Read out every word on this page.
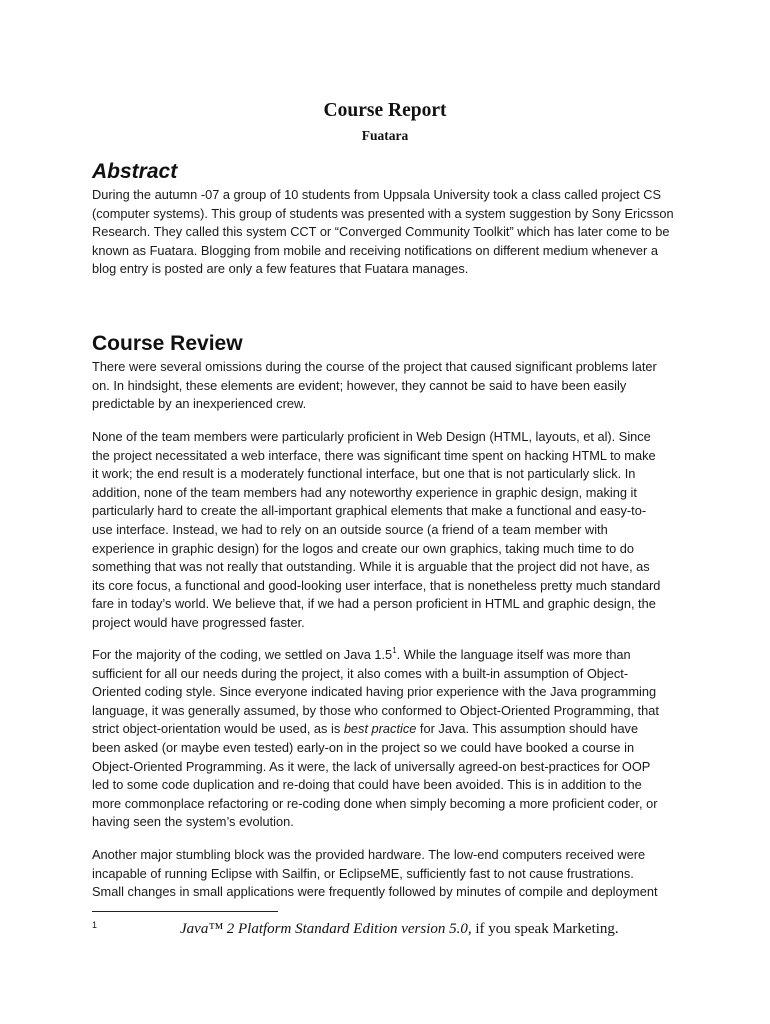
Course Report
Fuatara
Abstract

During the autumn -07 a group of 10 students from Uppsala University took a class called project CS
(computer systems). This group of students was presented with a system suggestion by Sony Ericsson
Research. They called this system CCT or “Converged Community Toolkit” which has later come to be
known as Fuatara. Blogging from mobile and receiving notifications on different medium whenever a
blog entry is posted are only a few features that Fuatara manages.

Course Review

There were several omissions during the course of the project that caused significant problems later
on. In hindsight, these elements are evident; however, they cannot be said to have been easily
predictable by an inexperienced crew.

None of the team members were particularly proficient in Web Design (HTML, layouts, et al). Since
the project necessitated a web interface, there was significant time spent on hacking HTML to make
it work; the end result is a moderately functional interface, but one that is not particularly slick. In
addition, none of the team members had any noteworthy experience in graphic design, making it
particularly hard to create the all-important graphical elements that make a functional and easy-to-
use interface. Instead, we had to rely on an outside source (a friend of a team member with
experience in graphic design) for the logos and create our own graphics, taking much time to do
something that was not really that outstanding. While it is arguable that the project did not have, as
its core focus, a functional and good-looking user interface, that is nonetheless pretty much standard
fare in today’s world. We believe that, if we had a person proficient in HTML and graphic design, the
project would have progressed faster.

For the majority of the coding, we settled on Java $1.5^1$. While the language itself was more than
sufficient for all our needs during the project, it also comes with a built-in assumption of Object-
Oriented coding style. Since everyone indicated having prior experience with the Java programming
language, it was generally assumed, by those who conformed to Object-Oriented Programming, that
strict object-orientation would be used, as is best practice for Java. This assumption should have
been asked (or maybe even tested) early-on in the project so we could have booked a course in
Object-Oriented Programming. As it were, the lack of universally agreed-on best-practices for OOP
led to some code duplication and re-doing that could have been avoided. This is in addition to the
more commonplace refactoring or re-coding done when simply becoming a more proficient coder, or
having seen the system’s evolution.

Another major stumbling block was the provided hardware. The low-end computers received were
incapable of running Eclipse with Sailfin, or EclipseME, sufficiently fast to not cause frustrations.
Small changes in small applications were frequently followed by minutes of compile and deployment

1	Java™ 2 Platform Standard Edition version 5.0, if you speak Marketing.
